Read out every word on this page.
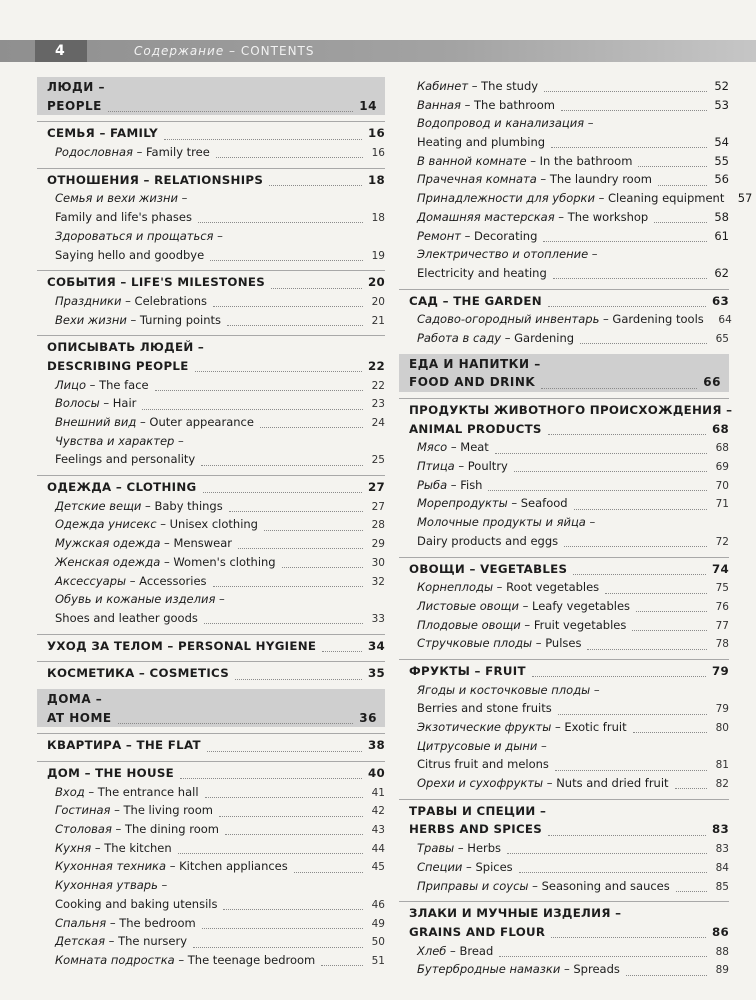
4	Содержание – CONTENTS
ЛЮДИ –
PEOPLE	14
СЕМЬЯ – FAMILY	16
Родословная – Family tree	16
ОТНОШЕНИЯ – RELATIONSHIPS	18
Семья и вехи жизни –
Family and life's phases	18
Здороваться и прощаться –
Saying hello and goodbye	19
СОБЫТИЯ – LIFE'S MILESTONES	20
Праздники – Celebrations	20
Вехи жизни – Turning points	21
ОПИСЫВАТЬ ЛЮДЕЙ –
DESCRIBING PEOPLE	22
Лицо – The face	22
Волосы – Hair	23
Внешний вид – Outer appearance	24
Чувства и характер –
Feelings and personality	25
ОДЕЖДА – CLOTHING	27
Детские вещи – Baby things	27
Одежда унисекс – Unisex clothing	28
Мужская одежда – Menswear	29
Женская одежда – Women's clothing	30
Аксессуары – Accessories	32
Обувь и кожаные изделия –
Shoes and leather goods	33
УХОД ЗА ТЕЛОМ – PERSONAL HYGIENE	34
КОСМЕТИКА – COSMETICS	35
ДОМА –
AT HOME	36
КВАРТИРА – THE FLAT	38
ДОМ – THE HOUSE	40
Вход – The entrance hall	41
Гостиная – The living room	42
Столовая – The dining room	43
Кухня – The kitchen	44
Кухонная техника – Kitchen appliances	45
Кухонная утварь –
Cooking and baking utensils	46
Спальня – The bedroom	49
Детская – The nursery	50
Комната подростка – The teenage bedroom	51
Кабинет – The study	52
Ванная – The bathroom	53
Водопровод и канализация –
Heating and plumbing	54
В ванной комнате – In the bathroom	55
Прачечная комната – The laundry room	56
Принадлежности для уборки – Cleaning equipment 57
Домашняя мастерская – The workshop	58
Ремонт – Decorating	61
Электричество и отопление –
Electricity and heating	62
САД – THE GARDEN	63
Садово-огородный инвентарь – Gardening tools 64
Работа в саду – Gardening	65
ЕДА И НАПИТКИ –
FOOD AND DRINK	66
ПРОДУКТЫ ЖИВОТНОГО ПРОИСХОЖДЕНИЯ –
ANIMAL PRODUCTS	68
Мясо – Meat	68
Птица – Poultry	69
Рыба – Fish	70
Морепродукты – Seafood	71
Молочные продукты и яйца –
Dairy products and eggs	72
ОВОЩИ – VEGETABLES	74
Корнеплоды – Root vegetables	75
Листовые овощи – Leafy vegetables	76
Плодовые овощи – Fruit vegetables	77
Стручковые плоды – Pulses	78
ФРУКТЫ – FRUIT	79
Ягоды и косточковые плоды –
Berries and stone fruits	79
Экзотические фрукты – Exotic fruit	80
Цитрусовые и дыни –
Citrus fruit and melons	81
Орехи и сухофрукты – Nuts and dried fruit	82
ТРАВЫ И СПЕЦИИ –
HERBS AND SPICES	83
Травы – Herbs	83
Специи – Spices	84
Приправы и соусы – Seasoning and sauces	85
ЗЛАКИ И МУЧНЫЕ ИЗДЕЛИЯ –
GRAINS AND FLOUR	86
Хлеб – Bread	88
Бутербродные намазки – Spreads	89
